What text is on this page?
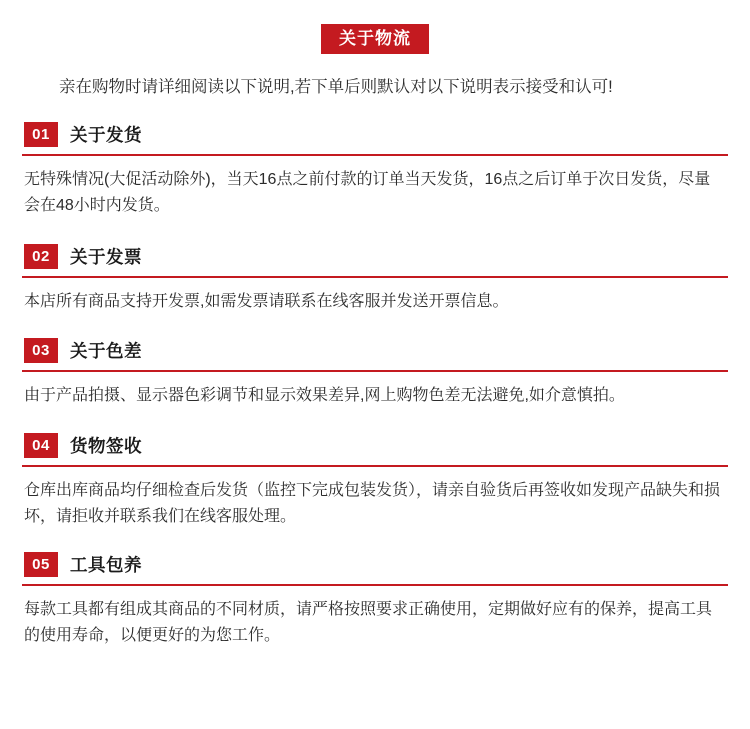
关于物流
亲在购物时请详细阅读以下说明,若下单后则默认对以下说明表示接受和认可!
01	关于发货
无特殊情况(大促活动除外)，当天16点之前付款的订单当天发货，16点之后订单于次日发货，尽量会在48小时内发货。
02	关于发票
本店所有商品支持开发票,如需发票请联系在线客服并发送开票信息。
03	关于色差
由于产品拍摄、显示器色彩调节和显示效果差异,网上购物色差无法避免,如介意慎拍。
04	货物签收
仓库出库商品均仔细检查后发货（监控下完成包装发货），请亲自验货后再签收如发现产品缺失和损坏，请拒收并联系我们在线客服处理。
05	工具包养
每款工具都有组成其商品的不同材质，请严格按照要求正确使用，定期做好应有的保养，提高工具的使用寿命，以便更好的为您工作。
